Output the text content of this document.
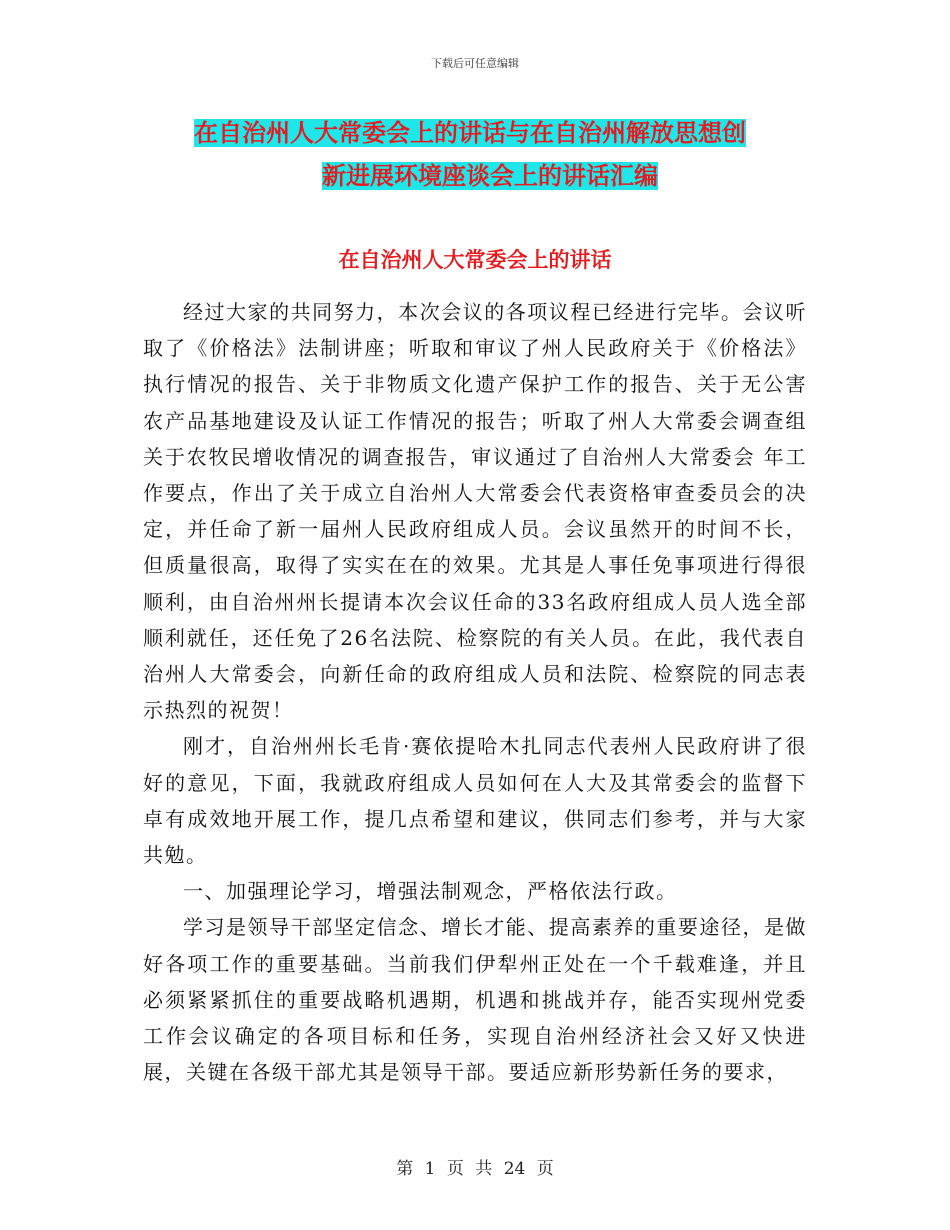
下载后可任意编辑
在自治州人大常委会上的讲话与在自治州解放思想创
新进展环境座谈会上的讲话汇编
在自治州人大常委会上的讲话

经过大家的共同努力，本次会议的各项议程已经进行完毕。会议听取了《价格法》法制讲座；听取和审议了州人民政府关于《价格法》执行情况的报告、关于非物质文化遗产保护工作的报告、关于无公害农产品基地建设及认证工作情况的报告；听取了州人大常委会调查组关于农牧民增收情况的调查报告，审议通过了自治州人大常委会 年工作要点，作出了关于成立自治州人大常委会代表资格审查委员会的决定，并任命了新一届州人民政府组成人员。会议虽然开的时间不长，但质量很高，取得了实实在在的效果。尤其是人事任免事项进行得很顺利，由自治州州长提请本次会议任命的33名政府组成人员人选全部顺利就任，还任免了26名法院、检察院的有关人员。在此，我代表自治州人大常委会，向新任命的政府组成人员和法院、检察院的同志表示热烈的祝贺！

刚才，自治州州长毛肯·赛依提哈木扎同志代表州人民政府讲了很好的意见，下面，我就政府组成人员如何在人大及其常委会的监督下卓有成效地开展工作，提几点希望和建议，供同志们参考，并与大家共勉。

一、加强理论学习，增强法制观念，严格依法行政。

学习是领导干部坚定信念、增长才能、提高素养的重要途径，是做好各项工作的重要基础。当前我们伊犁州正处在一个千载难逢，并且必须紧紧抓住的重要战略机遇期，机遇和挑战并存，能否实现州党委工作会议确定的各项目标和任务，实现自治州经济社会又好又快进展，关键在各级干部尤其是领导干部。要适应新形势新任务的要求，

第 1 页 共 24 页
